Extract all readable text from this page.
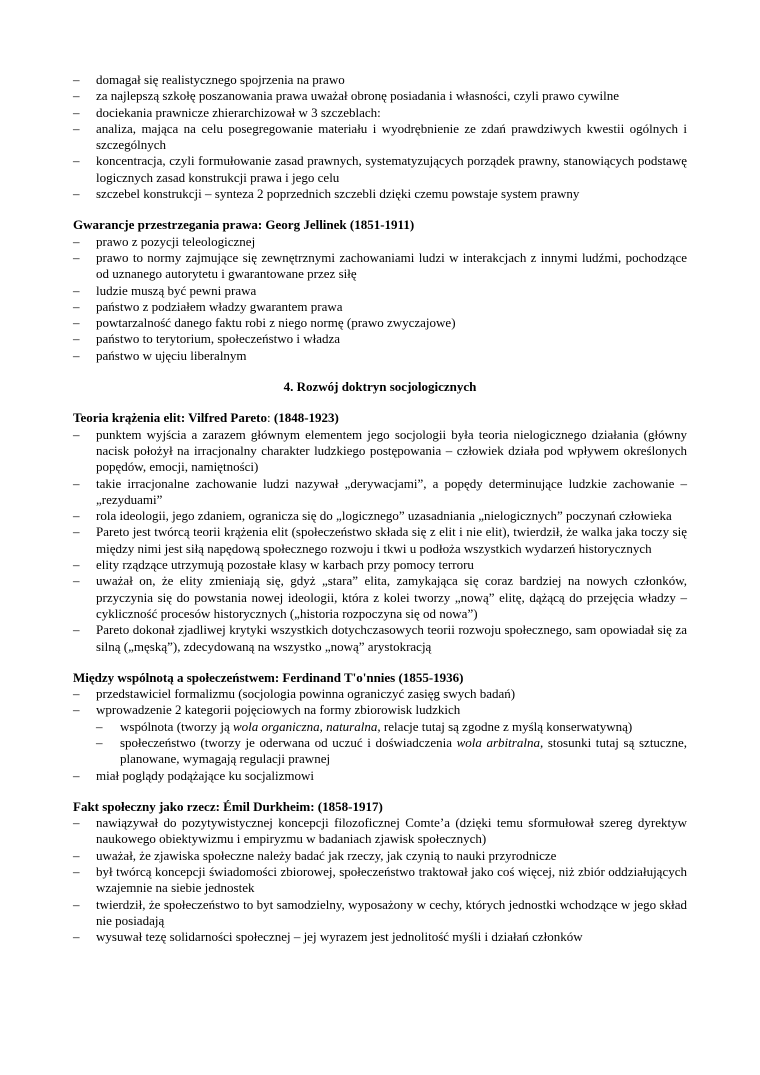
– domagał się realistycznego spojrzenia na prawo
– za najlepszą szkołę poszanowania prawa uważał obronę posiadania i własności, czyli prawo cywilne
– dociekania prawnicze zhierarchizował w 3 szczeblach:
– analiza, mająca na celu posegregowanie materiału i wyodrębnienie ze zdań prawdziwych kwestii ogólnych i szczególnych
– koncentracja, czyli formułowanie zasad prawnych, systematyzujących porządek prawny, stanowiących podstawę logicznych zasad konstrukcji prawa i jego celu
– szczebel konstrukcji – synteza 2 poprzednich szczebli dzięki czemu powstaje system prawny
Gwarancje przestrzegania prawa: Georg Jellinek (1851-1911)
– prawo z pozycji teleologicznej
– prawo to normy zajmujące się zewnętrznymi zachowaniami ludzi w interakcjach z innymi ludźmi, pochodzące od uznanego autorytetu i gwarantowane przez siłę
– ludzie muszą być pewni prawa
– państwo z podziałem władzy gwarantem prawa
– powtarzalność danego faktu robi z niego normę (prawo zwyczajowe)
– państwo to terytorium, społeczeństwo i władza
– państwo w ujęciu liberalnym
4. Rozwój doktryn socjologicznych
Teoria krążenia elit: Vilfred Pareto: (1848-1923)
– punktem wyjścia a zarazem głównym elementem jego socjologii była teoria nielogicznego działania (główny nacisk położył na irracjonalny charakter ludzkiego postępowania – człowiek działa pod wpływem określonych popędów, emocji, namiętności)
– takie irracjonalne zachowanie ludzi nazywał „derywacjami”, a popędy determinujące ludzkie zachowanie – „rezyduami”
– rola ideologii, jego zdaniem, ogranicza się do „logicznego” uzasadniania „nielogicznych” poczynań człowieka
– Pareto jest twórcą teorii krążenia elit (społeczeństwo składa się z elit i nie elit), twierdził, że walka jaka toczy się między nimi jest siłą napędową społecznego rozwoju i tkwi u podłoża wszystkich wydarzeń historycznych
– elity rządzące utrzymują pozostałe klasy w karbach przy pomocy terroru
– uważał on, że elity zmieniają się, gdyż „stara” elita, zamykająca się coraz bardziej na nowych członków, przyczynia się do powstania nowej ideologii, która z kolei tworzy „nową” elitę, dążącą do przejęcia władzy – cykliczność procesów historycznych („historia rozpoczyna się od nowa”)
– Pareto dokonał zjadliwej krytyki wszystkich dotychczasowych teorii rozwoju społecznego, sam opowiadał się za silną („męską”), zdecydowaną na wszystko „nową” arystokracją
Między wspólnotą a społeczeństwem: Ferdinand T'o'nnies (1855-1936)
– przedstawiciel formalizmu (socjologia powinna ograniczyć zasięg swych badań)
– wprowadzenie 2 kategorii pojęciowych na formy zbiorowisk ludzkich
– wspólnota (tworzy ją wola organiczna, naturalna, relacje tutaj są zgodne z myślą konserwatywną)
– społeczeństwo (tworzy je oderwana od uczuć i doświadczenia wola arbitralna, stosunki tutaj są sztuczne, planowane, wymagają regulacji prawnej
– miał poglądy podążające ku socjalizmowi
Fakt społeczny jako rzecz: Émil Durkheim: (1858-1917)
– nawiązywał do pozytywistycznej koncepcji filozoficznej Comte’a (dzięki temu sformułował szereg dyrektyw naukowego obiektywizmu i empiryzmu w badaniach zjawisk społecznych)
– uważał, że zjawiska społeczne należy badać jak rzeczy, jak czynią to nauki przyrodnicze
– był twórcą koncepcji świadomości zbiorowej, społeczeństwo traktował jako coś więcej, niż zbiór oddziałujących wzajemnie na siebie jednostek
– twierdził, że społeczeństwo to byt samodzielny, wyposażony w cechy, których jednostki wchodzące w jego skład nie posiadają
– wysuwał tezę solidarności społecznej – jej wyrazem jest jednolitość myśli i działań członków
